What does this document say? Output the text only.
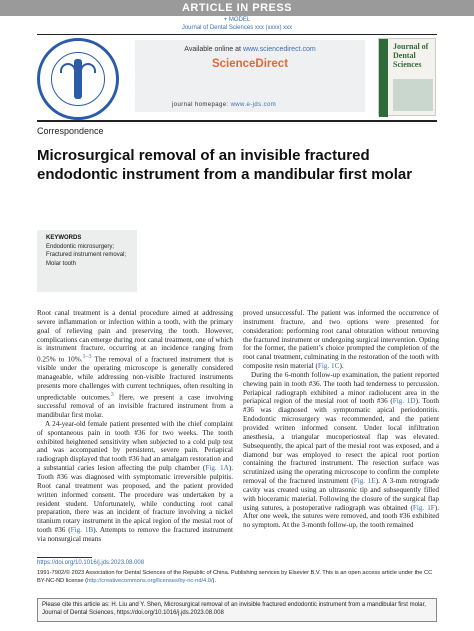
ARTICLE IN PRESS
+ MODEL
Journal of Dental Sciences xxx (xxxx) xxx
Available online at www.sciencedirect.com
ScienceDirect
journal homepage: www.e-jds.com
Journal of Dental Sciences
Correspondence
Microsurgical removal of an invisible fractured endodontic instrument from a mandibular first molar
KEYWORDS
Endodontic microsurgery;
Fractured instrument removal;
Molar tooth

Root canal treatment is a dental procedure aimed at addressing severe inflammation or infection within a tooth, with the primary goal of relieving pain and preserving the tooth. However, complications can emerge during root canal treatment, one of which is instrument fracture, occurring at an incidence ranging from 0.25% to 10%.$^{1-3}$ The removal of a fractured instrument that is visible under the operating microscope is generally considered manageable, while addressing non-visible fractured instruments presents more challenges with current techniques, often resulting in unpredictable outcomes.$^3$ Here, we present a case involving successful removal of an invisible fractured instrument from a mandibular first molar.

A 24-year-old female patient presented with the chief complaint of spontaneous pain in tooth #36 for two weeks. The tooth exhibited heightened sensitivity when subjected to a cold pulp test and was accompanied by persistent, severe pain. Periapical radiograph displayed that tooth #36 had an amalgam restoration and a substantial caries lesion affecting the pulp chamber (Fig. 1A). Tooth #36 was diagnosed with symptomatic irreversible pulpitis. Root canal treatment was proposed, and the patient provided written informed consent. The procedure was undertaken by a resident student. Unfortunately, while conducting root canal preparation, there was an incident of fracture involving a nickel titanium rotary instrument in the apical region of the mesial root of tooth #36 (Fig. 1B). Attempts to remove the fractured instrument via nonsurgical means

proved unsuccessful. The patient was informed the occurrence of instrument fracture, and two options were presented for consideration: performing root canal obturation without removing the fractured instrument or undergoing surgical intervention. Opting for the former, the patient’s choice prompted the completion of the root canal treatment, culminating in the restoration of the tooth with composite resin material (Fig. 1C).

During the 6-month follow-up examination, the patient reported chewing pain in tooth #36. The tooth had tenderness to percussion. Periapical radiograph exhibited a minor radiolucent area in the periapical region of the mesial root of tooth #36 (Fig. 1D). Tooth #36 was diagnosed with symptomatic apical periodontitis. Endodontic microsurgery was recommended, and the patient provided written informed consent. Under local infiltration anesthesia, a triangular mucoperiosteal flap was elevated. Subsequently, the apical part of the mesial root was exposed, and a diamond bur was employed to resect the apical root portion containing the fractured instrument. The resection surface was scrutinized using the operating microscope to confirm the complete removal of the fractured instrument (Fig. 1E). A 3-mm retrograde cavity was created using an ultrasonic tip and subsequently filled with bioceramic material. Following the closure of the surgical flap using sutures, a postoperative radiograph was obtained (Fig. 1F). After one week, the sutures were removed, and tooth #36 exhibited no symptom. At the 3-month follow-up, the tooth remained

https://doi.org/10.1016/j.jds.2023.08.008
1991-7902/© 2023 Association for Dental Sciences of the Republic of China. Publishing services by Elsevier B.V. This is an open access article under the CC BY-NC-ND license (http://creativecommons.org/licenses/by-nc-nd/4.0/).
Please cite this article as: H. Liu and Y. Shen, Microsurgical removal of an invisible fractured endodontic instrument from a mandibular first molar, Journal of Dental Sciences, https://doi.org/10.1016/j.jds.2023.08.008
